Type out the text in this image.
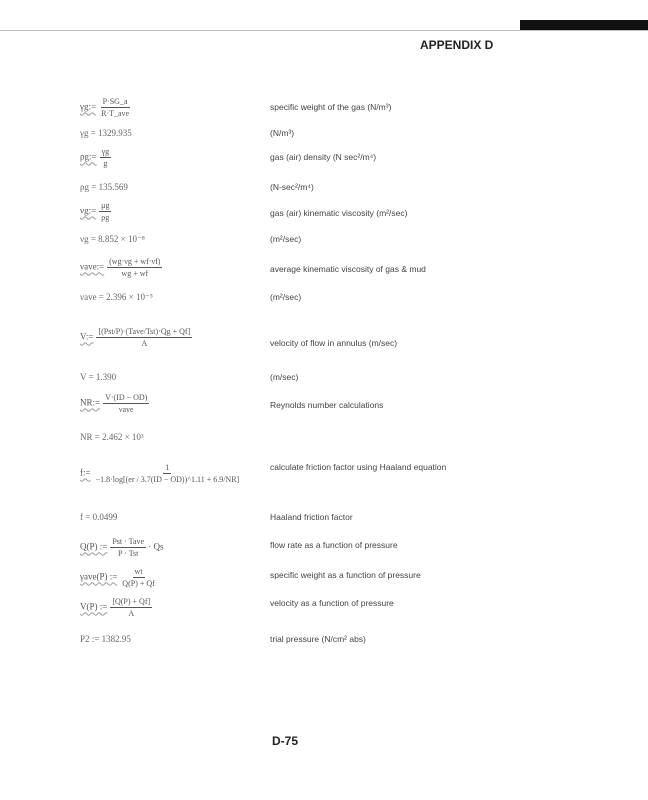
APPENDIX D
γg:= $\frac{P\cdot SG\_a}{\text{R·T\_ave}}$	specific weight of the gas (N/m³)
γg = 1329.935	(N/m³)
ρg:= $\frac{\gamma g}{g}$	gas (air) density (N sec²/m⁴)
ρg = 135.569	(N-sec²/m⁴)
νg:= $\frac{\mu g}{\rho g}$	gas (air) kinematic viscosity (m²/sec)
νg = 8.852 × 10⁻⁸	(m²/sec)
νave:= $\frac{(wg\cdot\nu g + wf\cdot\nu f)}{wg + wf}$	average kinematic viscosity of gas & mud
νave = 2.396 × 10⁻⁵	(m²/sec)
V:= $\frac{\text{[(Pst/P)·(Tave/Tst)·Qg + Qf]}}{A}$	velocity of flow in annulus (m/sec)
V = 1.390	(m/sec)
NR:= $\frac{V\cdot(ID - OD)}{\text{νave}}$	Reynolds number calculations
NR = 2.462 × 10³
f:= $\frac{1}{-1.8\cdot\log[(er / 3.7(ID - OD))\^{}1.11 + 6.9/NR]}$	calculate friction factor using Haaland equation
f = 0.0499	Haaland friction factor
Q(P) := $\frac{\text{Pst · Tave}}{\text{P · Tst}} \cdot Qs$	flow rate as a function of pressure
γave(P) := $\frac{wt}{Q(P) + Qf}$	specific weight as a function of pressure
V(P) := $\frac{[Q(P) + Qf]}{A}$	velocity as a function of pressure
P2 := 1382.95	trial pressure (N/cm² abs)
D-75
